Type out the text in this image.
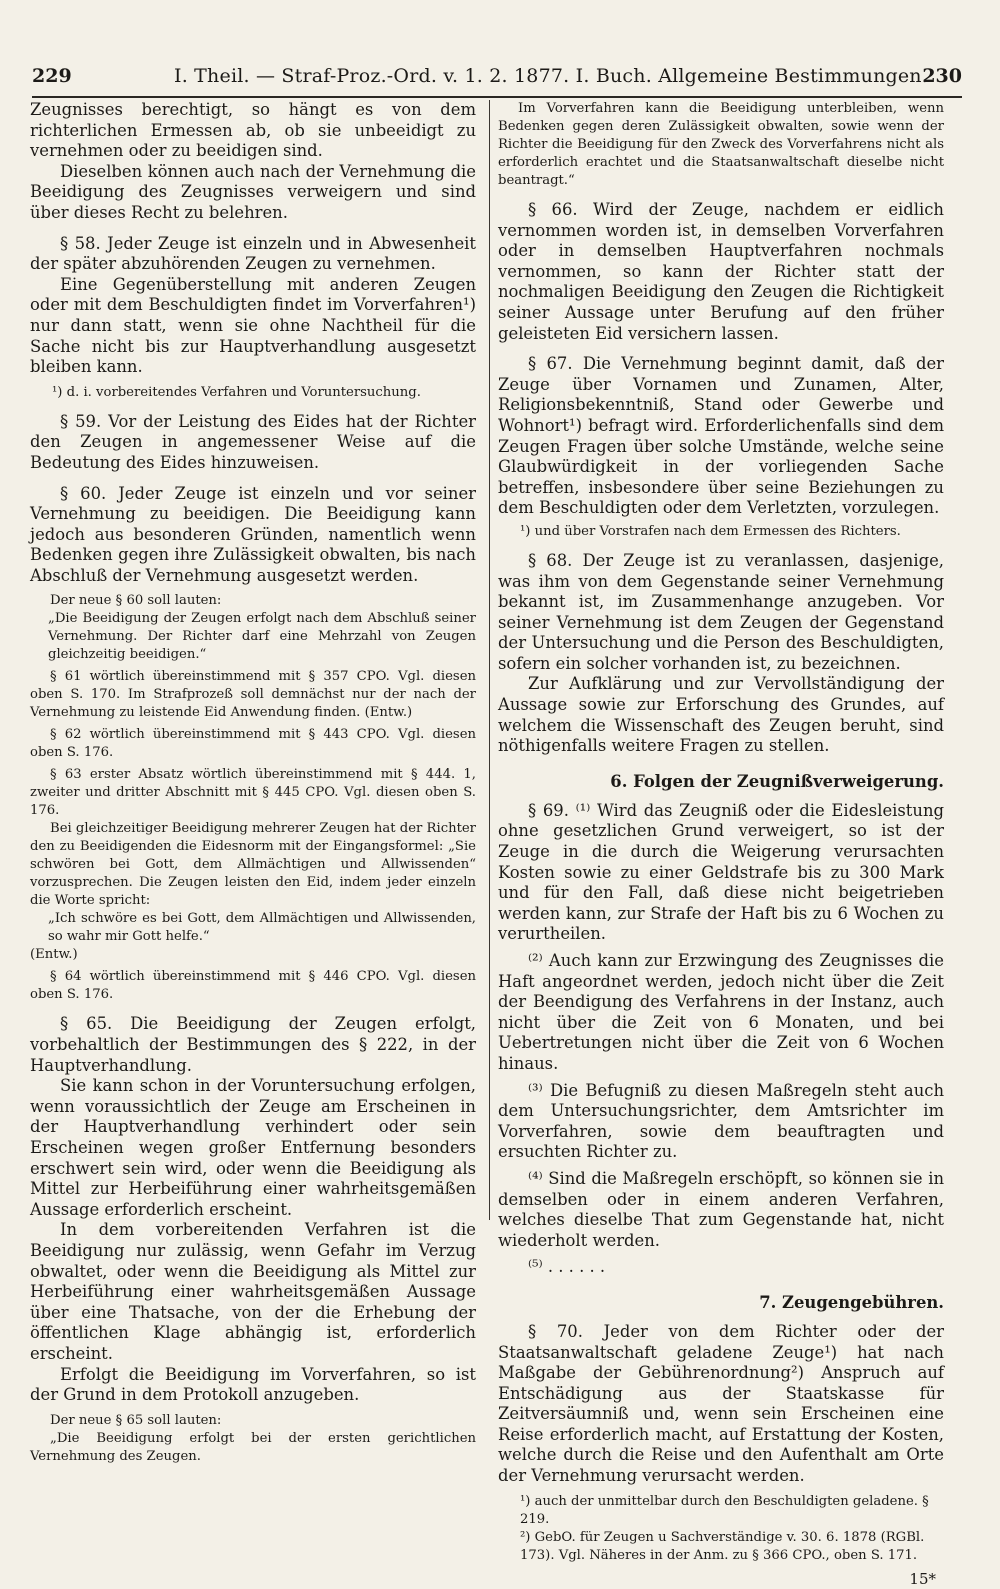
229	I. Theil. — Straf-Proz.-Ord. v. 1. 2. 1877. I. Buch. Allgemeine Bestimmungen.
230

Zeugnisses berechtigt, so hängt es von dem richterlichen Ermessen ab, ob sie unbeeidigt zu vernehmen oder zu beeidigen sind.

Dieselben können auch nach der Vernehmung die Beeidigung des Zeugnisses verweigern und sind über dieses Recht zu belehren.

§ 58. Jeder Zeuge ist einzeln und in Abwesenheit der später abzuhörenden Zeugen zu vernehmen.

Eine Gegenüberstellung mit anderen Zeugen oder mit dem Beschuldigten findet im Vorverfahren¹) nur dann statt, wenn sie ohne Nachtheil für die Sache nicht bis zur Hauptverhandlung ausgesetzt bleiben kann.

¹) d. i. vorbereitendes Verfahren und Voruntersuchung.

§ 59. Vor der Leistung des Eides hat der Richter den Zeugen in angemessener Weise auf die Bedeutung des Eides hinzuweisen.

§ 60. Jeder Zeuge ist einzeln und vor seiner Vernehmung zu beeidigen. Die Beeidigung kann jedoch aus besonderen Gründen, namentlich wenn Bedenken gegen ihre Zulässigkeit obwalten, bis nach Abschluß der Vernehmung ausgesetzt werden.

Der neue § 60 soll lauten:

„Die Beeidigung der Zeugen erfolgt nach dem Abschluß seiner Vernehmung. Der Richter darf eine Mehrzahl von Zeugen gleichzeitig beeidigen.“

§ 61 wörtlich übereinstimmend mit § 357 CPO. Vgl. diesen oben S. 170. Im Strafprozeß soll demnächst nur der nach der Vernehmung zu leistende Eid Anwendung finden. (Entw.)

§ 62 wörtlich übereinstimmend mit § 443 CPO. Vgl. diesen oben S. 176.

§ 63 erster Absatz wörtlich übereinstimmend mit § 444. 1, zweiter und dritter Abschnitt mit § 445 CPO. Vgl. diesen oben S. 176.

Bei gleichzeitiger Beeidigung mehrerer Zeugen hat der Richter den zu Beeidigenden die Eidesnorm mit der Eingangsformel: „Sie schwören bei Gott, dem Allmächtigen und Allwissenden“ vorzusprechen. Die Zeugen leisten den Eid, indem jeder einzeln die Worte spricht:

„Ich schwöre es bei Gott, dem Allmächtigen und Allwissenden, so wahr mir Gott helfe.“

(Entw.)

§ 64 wörtlich übereinstimmend mit § 446 CPO. Vgl. diesen oben S. 176.

§ 65. Die Beeidigung der Zeugen erfolgt, vorbehaltlich der Bestimmungen des § 222, in der Hauptverhandlung.

Sie kann schon in der Voruntersuchung erfolgen, wenn voraussichtlich der Zeuge am Erscheinen in der Hauptverhandlung verhindert oder sein Erscheinen wegen großer Entfernung besonders erschwert sein wird, oder wenn die Beeidigung als Mittel zur Herbeiführung einer wahrheitsgemäßen Aussage erforderlich erscheint.

In dem vorbereitenden Verfahren ist die Beeidigung nur zulässig, wenn Gefahr im Verzug obwaltet, oder wenn die Beeidigung als Mittel zur Herbeiführung einer wahrheitsgemäßen Aussage über eine Thatsache, von der die Erhebung der öffentlichen Klage abhängig ist, erforderlich erscheint.

Erfolgt die Beeidigung im Vorverfahren, so ist der Grund in dem Protokoll anzugeben.

Der neue § 65 soll lauten:

„Die Beeidigung erfolgt bei der ersten gerichtlichen Vernehmung des Zeugen.

Im Vorverfahren kann die Beeidigung unterbleiben, wenn Bedenken gegen deren Zulässigkeit obwalten, sowie wenn der Richter die Beeidigung für den Zweck des Vorverfahrens nicht als erforderlich erachtet und die Staatsanwaltschaft dieselbe nicht beantragt.“

§ 66. Wird der Zeuge, nachdem er eidlich vernommen worden ist, in demselben Vorverfahren oder in demselben Hauptverfahren nochmals vernommen, so kann der Richter statt der nochmaligen Beeidigung den Zeugen die Richtigkeit seiner Aussage unter Berufung auf den früher geleisteten Eid versichern lassen.

§ 67. Die Vernehmung beginnt damit, daß der Zeuge über Vornamen und Zunamen, Alter, Religionsbekenntniß, Stand oder Gewerbe und Wohnort¹) befragt wird. Erforderlichenfalls sind dem Zeugen Fragen über solche Umstände, welche seine Glaubwürdigkeit in der vorliegenden Sache betreffen, insbesondere über seine Beziehungen zu dem Beschuldigten oder dem Verletzten, vorzulegen.

¹) und über Vorstrafen nach dem Ermessen des Richters.

§ 68. Der Zeuge ist zu veranlassen, dasjenige, was ihm von dem Gegenstande seiner Vernehmung bekannt ist, im Zusammenhange anzugeben. Vor seiner Vernehmung ist dem Zeugen der Gegenstand der Untersuchung und die Person des Beschuldigten, sofern ein solcher vorhanden ist, zu bezeichnen.

Zur Aufklärung und zur Vervollständigung der Aussage sowie zur Erforschung des Grundes, auf welchem die Wissenschaft des Zeugen beruht, sind nöthigenfalls weitere Fragen zu stellen.

6. Folgen der Zeugnißverweigerung.

§ 69. ⁽¹⁾ Wird das Zeugniß oder die Eidesleistung ohne gesetzlichen Grund verweigert, so ist der Zeuge in die durch die Weigerung verursachten Kosten sowie zu einer Geldstrafe bis zu 300 Mark und für den Fall, daß diese nicht beigetrieben werden kann, zur Strafe der Haft bis zu 6 Wochen zu verurtheilen.

⁽²⁾ Auch kann zur Erzwingung des Zeugnisses die Haft angeordnet werden, jedoch nicht über die Zeit der Beendigung des Verfahrens in der Instanz, auch nicht über die Zeit von 6 Monaten, und bei Uebertretungen nicht über die Zeit von 6 Wochen hinaus.

⁽³⁾ Die Befugniß zu diesen Maßregeln steht auch dem Untersuchungsrichter, dem Amtsrichter im Vorverfahren, sowie dem beauftragten und ersuchten Richter zu.

⁽⁴⁾ Sind die Maßregeln erschöpft, so können sie in demselben oder in einem anderen Verfahren, welches dieselbe That zum Gegenstande hat, nicht wiederholt werden.

⁽⁵⁾ . . . . . .

7. Zeugengebühren.

§ 70. Jeder von dem Richter oder der Staatsanwaltschaft geladene Zeuge¹) hat nach Maßgabe der Gebührenordnung²) Anspruch auf Entschädigung aus der Staatskasse für Zeitversäumniß und, wenn sein Erscheinen eine Reise erforderlich macht, auf Erstattung der Kosten, welche durch die Reise und den Aufenthalt am Orte der Vernehmung verursacht werden.

¹) auch der unmittelbar durch den Beschuldigten geladene. § 219.

²) GebO. für Zeugen u Sachverständige v. 30. 6. 1878 (RGBl. 173). Vgl. Näheres in der Anm. zu § 366 CPO., oben S. 171.

15*
